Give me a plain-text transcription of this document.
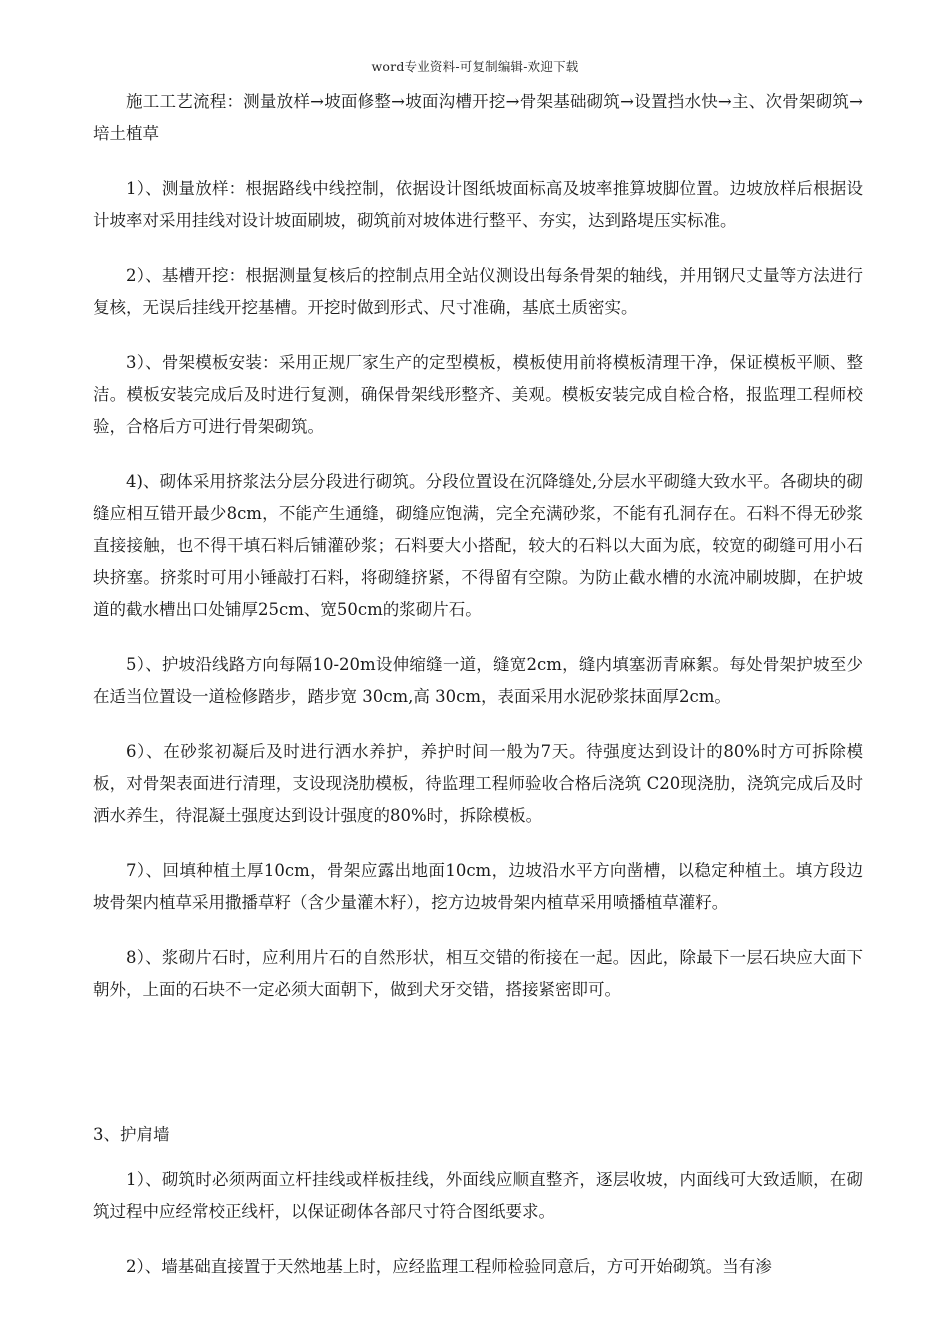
word专业资料-可复制编辑-欢迎下载

施工工艺流程：测量放样→坡面修整→坡面沟槽开挖→骨架基础砌筑→设置挡水快→主、次骨架砌筑→培土植草

1）、测量放样：根据路线中线控制，依据设计图纸坡面标高及坡率推算坡脚位置。边坡放样后根据设计坡率对采用挂线对设计坡面刷坡，砌筑前对坡体进行整平、夯实，达到路堤压实标准。

2）、基槽开挖：根据测量复核后的控制点用全站仪测设出每条骨架的轴线，并用钢尺丈量等方法进行复核，无误后挂线开挖基槽。开挖时做到形式、尺寸准确，基底土质密实。

3）、骨架模板安装：采用正规厂家生产的定型模板，模板使用前将模板清理干净，保证模板平顺、整洁。模板安装完成后及时进行复测，确保骨架线形整齐、美观。模板安装完成自检合格，报监理工程师校验，合格后方可进行骨架砌筑。

4)、砌体采用挤浆法分层分段进行砌筑。分段位置设在沉降缝处,分层水平砌缝大致水平。各砌块的砌缝应相互错开最少8cm，不能产生通缝，砌缝应饱满，完全充满砂浆，不能有孔洞存在。石料不得无砂浆直接接触，也不得干填石料后铺灌砂浆；石料要大小搭配，较大的石料以大面为底，较宽的砌缝可用小石块挤塞。挤浆时可用小锤敲打石料，将砌缝挤紧，不得留有空隙。为防止截水槽的水流冲刷坡脚，在护坡道的截水槽出口处铺厚25cm、宽50cm的浆砌片石。

5）、护坡沿线路方向每隔10-20m设伸缩缝一道，缝宽2cm，缝内填塞沥青麻絮。每处骨架护坡至少在适当位置设一道检修踏步，踏步宽 30cm,高 30cm，表面采用水泥砂浆抹面厚2cm。

6）、在砂浆初凝后及时进行洒水养护，养护时间一般为7天。待强度达到设计的80%时方可拆除模板，对骨架表面进行清理，支设现浇肋模板，待监理工程师验收合格后浇筑 C20现浇肋，浇筑完成后及时洒水养生，待混凝土强度达到设计强度的80%时，拆除模板。

7）、回填种植土厚10cm，骨架应露出地面10cm，边坡沿水平方向凿槽，以稳定种植土。填方段边坡骨架内植草采用撒播草籽（含少量灌木籽），挖方边坡骨架内植草采用喷播植草灌籽。

8）、浆砌片石时，应利用片石的自然形状，相互交错的衔接在一起。因此，除最下一层石块应大面下朝外，上面的石块不一定必须大面朝下，做到犬牙交错，搭接紧密即可。

3、护肩墙

1）、砌筑时必须两面立杆挂线或样板挂线，外面线应顺直整齐，逐层收坡，内面线可大致适顺，在砌筑过程中应经常校正线杆，以保证砌体各部尺寸符合图纸要求。

2）、墙基础直接置于天然地基上时，应经监理工程师检验同意后，方可开始砌筑。当有渗
